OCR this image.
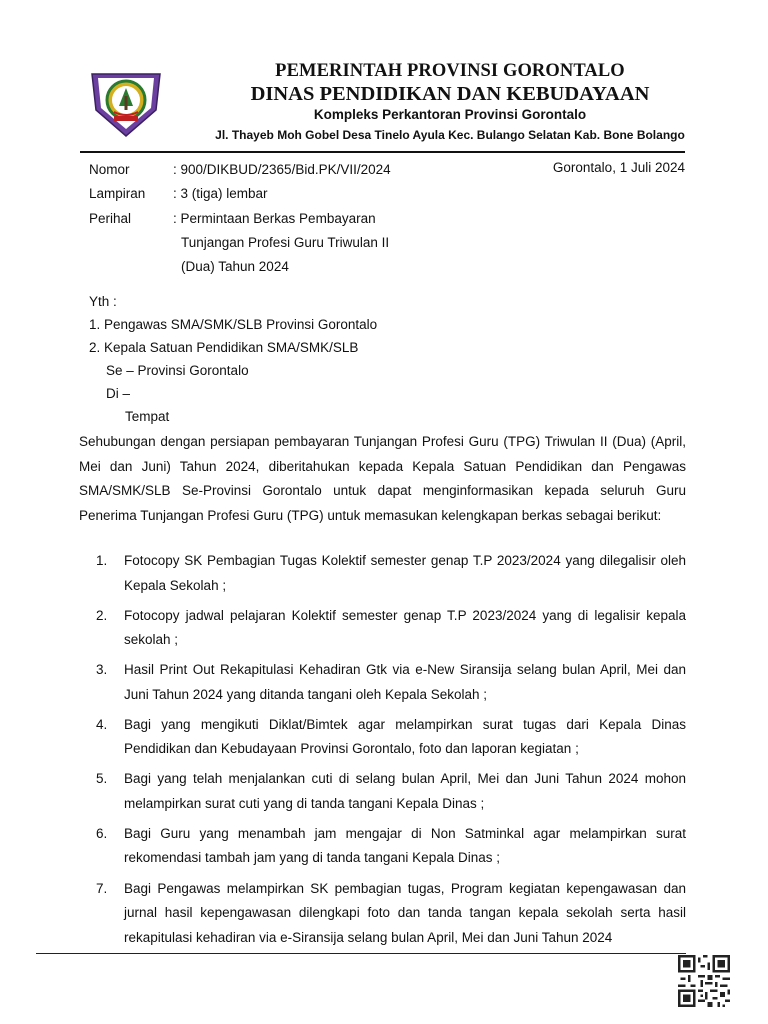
PEMERINTAH PROVINSI GORONTALO
DINAS PENDIDIKAN DAN KEBUDAYAAN
Kompleks Perkantoran Provinsi Gorontalo
Jl. Thayeb Moh Gobel Desa Tinelo Ayula Kec. Bulango Selatan Kab. Bone Bolango
Gorontalo, 1 Juli 2024
Nomor	: 900/DIKBUD/2365/Bid.PK/VII/2024
Lampiran	: 3 (tiga) lembar
Perihal	: Permintaan Berkas Pembayaran
Tunjangan Profesi Guru Triwulan II
(Dua) Tahun 2024
Yth :
1. Pengawas SMA/SMK/SLB Provinsi Gorontalo
2. Kepala Satuan Pendidikan SMA/SMK/SLB
Se – Provinsi Gorontalo
Di –
Tempat
Sehubungan dengan persiapan pembayaran Tunjangan Profesi Guru (TPG) Triwulan II (Dua) (April, Mei dan Juni) Tahun 2024, diberitahukan kepada Kepala Satuan Pendidikan dan Pengawas SMA/SMK/SLB Se-Provinsi Gorontalo untuk dapat menginformasikan kepada seluruh Guru Penerima Tunjangan Profesi Guru (TPG) untuk memasukan kelengkapan berkas sebagai berikut:
1.	Fotocopy SK Pembagian Tugas Kolektif semester genap T.P 2023/2024 yang dilegalisir oleh Kepala Sekolah ;
2.	Fotocopy jadwal pelajaran Kolektif semester genap T.P 2023/2024 yang di legalisir kepala sekolah ;
3.	Hasil Print Out Rekapitulasi Kehadiran Gtk via e-New Siransija selang bulan April, Mei dan Juni Tahun 2024 yang ditanda tangani oleh Kepala Sekolah ;
4.	Bagi yang mengikuti Diklat/Bimtek agar melampirkan surat tugas dari Kepala Dinas Pendidikan dan Kebudayaan Provinsi Gorontalo, foto dan laporan kegiatan ;
5.	Bagi yang telah menjalankan cuti di selang bulan April, Mei dan Juni Tahun 2024 mohon melampirkan surat cuti yang di tanda tangani Kepala Dinas ;
6.	Bagi Guru yang menambah jam mengajar di Non Satminkal agar melampirkan surat rekomendasi tambah jam yang di tanda tangani Kepala Dinas ;
7.	Bagi Pengawas melampirkan SK pembagian tugas, Program kegiatan kepengawasan dan jurnal hasil kepengawasan dilengkapi foto dan tanda tangan kepala sekolah serta hasil rekapitulasi kehadiran via e-Siransija selang bulan April, Mei dan Juni Tahun 2024
